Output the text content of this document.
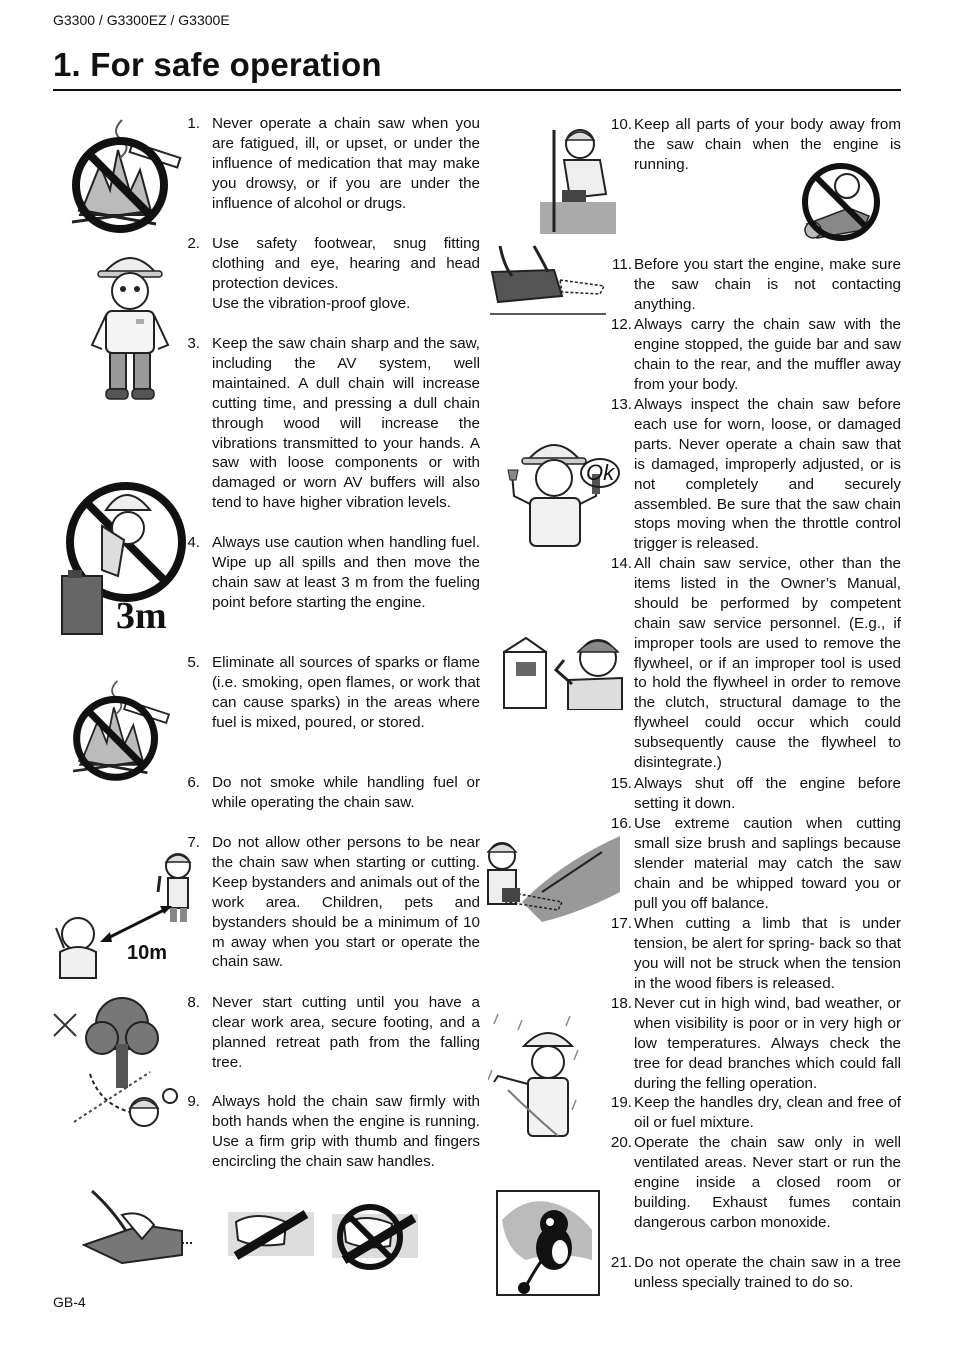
G3300 / G3300EZ / G3300E
1. For safe operation
1. Never operate a chain saw when you are fatigued, ill, or upset, or under the influence of medication that may make you drowsy, or if you are under the influence of alcohol or drugs.
2. Use safety footwear, snug fitting clothing and eye, hearing and head protection devices.
Use the vibration-proof glove.
3. Keep the saw chain sharp and the saw, including the AV system, well maintained. A dull chain will increase cutting time, and pressing a dull chain through wood will increase the vibrations transmitted to your hands. A saw with loose components or with damaged or worn AV buffers will also tend to have higher vibration levels.
4. Always use caution when handling fuel. Wipe up all spills and then move the chain saw at least 3 m from the fueling point before starting the engine.
5. Eliminate all sources of sparks or flame (i.e. smoking, open flames, or work that can cause sparks) in the areas where fuel is mixed, poured, or stored.
6. Do not smoke while handling fuel or while operating the chain saw.
7. Do not allow other persons to be near the chain saw when starting or cutting. Keep bystanders and animals out of the work area. Children, pets and bystanders should be a minimum of 10 m away when you start or operate the chain saw.
8. Never start cutting until you have a clear work area, secure footing, and a planned retreat path from the falling tree.
9. Always hold the chain saw firmly with both hands when the engine is running. Use a firm grip with thumb and fingers encircling the chain saw handles.
10. Keep all parts of your body away from the saw chain when the engine is running.
11. Before you start the engine, make sure the saw chain is not contacting anything.
12. Always carry the chain saw with the engine stopped, the guide bar and saw chain to the rear, and the muffler away from your body.
13. Always inspect the chain saw before each use for worn, loose, or damaged parts. Never operate a chain saw that is damaged, improperly adjusted, or is not completely and securely assembled. Be sure that the saw chain stops moving when the throttle control trigger is released.
14. All chain saw service, other than the items listed in the Owner’s Manual, should be performed by competent chain saw service personnel. (E.g., if improper tools are used to remove the flywheel, or if an improper tool is used to hold the flywheel in order to remove the clutch, structural damage to the flywheel could occur which could subsequently cause the flywheel to disintegrate.)
15. Always shut off the engine before setting it down.
16. Use extreme caution when cutting small size brush and saplings because slender material may catch the saw chain and be whipped toward you or pull you off balance.
17. When cutting a limb that is under tension, be alert for spring- back so that you will not be struck when the tension in the wood fibers is released.
18. Never cut in high wind, bad weather, or when visibility is poor or in very high or low temperatures. Always check the tree for dead branches which could fall during the felling operation.
19. Keep the handles dry, clean and free of oil or fuel mixture.
20. Operate the chain saw only in well ventilated areas. Never start or run the engine inside a closed room or building. Exhaust fumes contain dangerous carbon monoxide.
21. Do not operate the chain saw in a tree unless specially trained to do so.
3m
10m
Ok
GB-4
